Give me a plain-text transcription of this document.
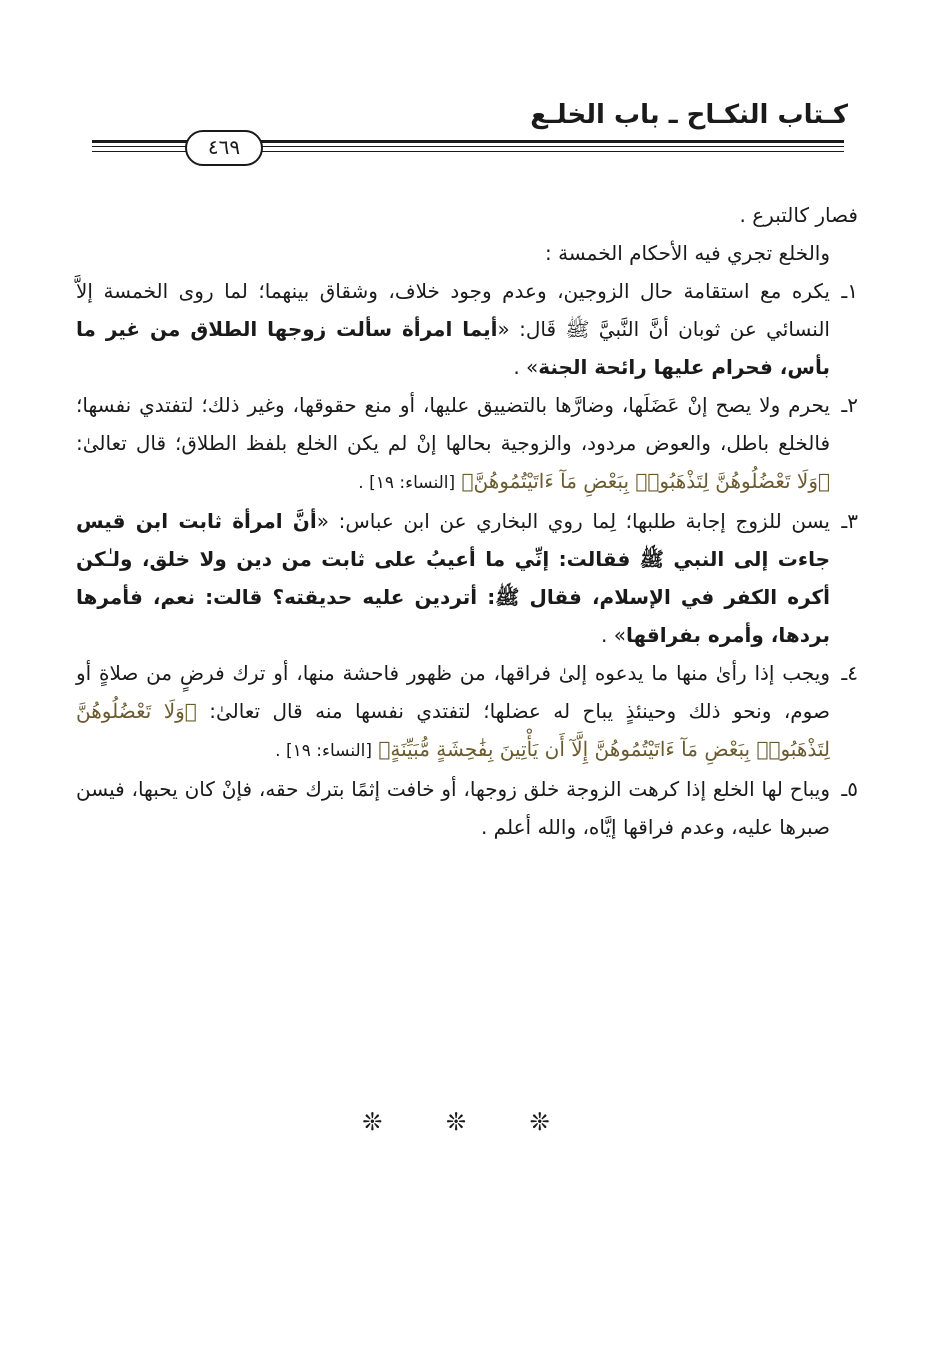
كـتاب النكـاح ـ باب الخلـع
٤٦٩

فصار كالتبرع .

والخلع تجري فيه الأحكام الخمسة :

١ـ
يكره مع استقامة حال الزوجين، وعدم وجود خلاف، وشقاق بينهما؛ لما روى الخمسة إلاَّ النسائي عن ثوبان أنَّ النَّبيَّ ﷺ قَال: «أيما امرأة سألت زوجها الطلاق من غير ما بأس، فحرام عليها رائحة الجنة» .
٢ـ
يحرم ولا يصح إنْ عَضَلَها، وضارَّها بالتضييق عليها، أو منع حقوقها، وغير ذلك؛ لتفتدي نفسها؛ فالخلع باطل، والعوض مردود، والزوجية بحالها إنْ لم يكن الخلع بلفظ الطلاق؛ قال تعالىٰ: ﴿وَلَا تَعْضُلُوهُنَّ لِتَذْهَبُوا۟ بِبَعْضِ مَآ ءَاتَيْتُمُوهُنَّ﴾ [النساء: ١٩] .
٣ـ
يسن للزوج إجابة طلبها؛ لِما روي البخاري عن ابن عباس: «أنَّ امرأة ثابت ابن قيس جاءت إلى النبي ﷺ فقالت: إنِّي ما أعيبُ على ثابت من دين ولا خلق، ولـٰكن أكره الكفر في الإسلام، فقال ﷺ: أتردين عليه حديقته؟ قالت: نعم، فأمرها بردها، وأمره بفراقها» .
٤ـ
ويجب إذا رأىٰ منها ما يدعوه إلىٰ فراقها، من ظهور فاحشة منها، أو ترك فرضٍ من صلاةٍ أو صوم، ونحو ذلك وحينئذٍ يباح له عضلها؛ لتفتدي نفسها منه قال تعالىٰ: ﴿وَلَا تَعْضُلُوهُنَّ لِتَذْهَبُوا۟ بِبَعْضِ مَآ ءَاتَيْتُمُوهُنَّ إِلَّآ أَن يَأْتِينَ بِفَٰحِشَةٍ مُّبَيِّنَةٍ﴾ [النساء: ١٩] .
٥ـ
ويباح لها الخلع إذا كرهت الزوجة خلق زوجها، أو خافت إثمًا بترك حقه، فإنْ كان يحبها، فيسن صبرها عليه، وعدم فراقها إيَّاه، والله أعلم .
❊ ❊ ❊
